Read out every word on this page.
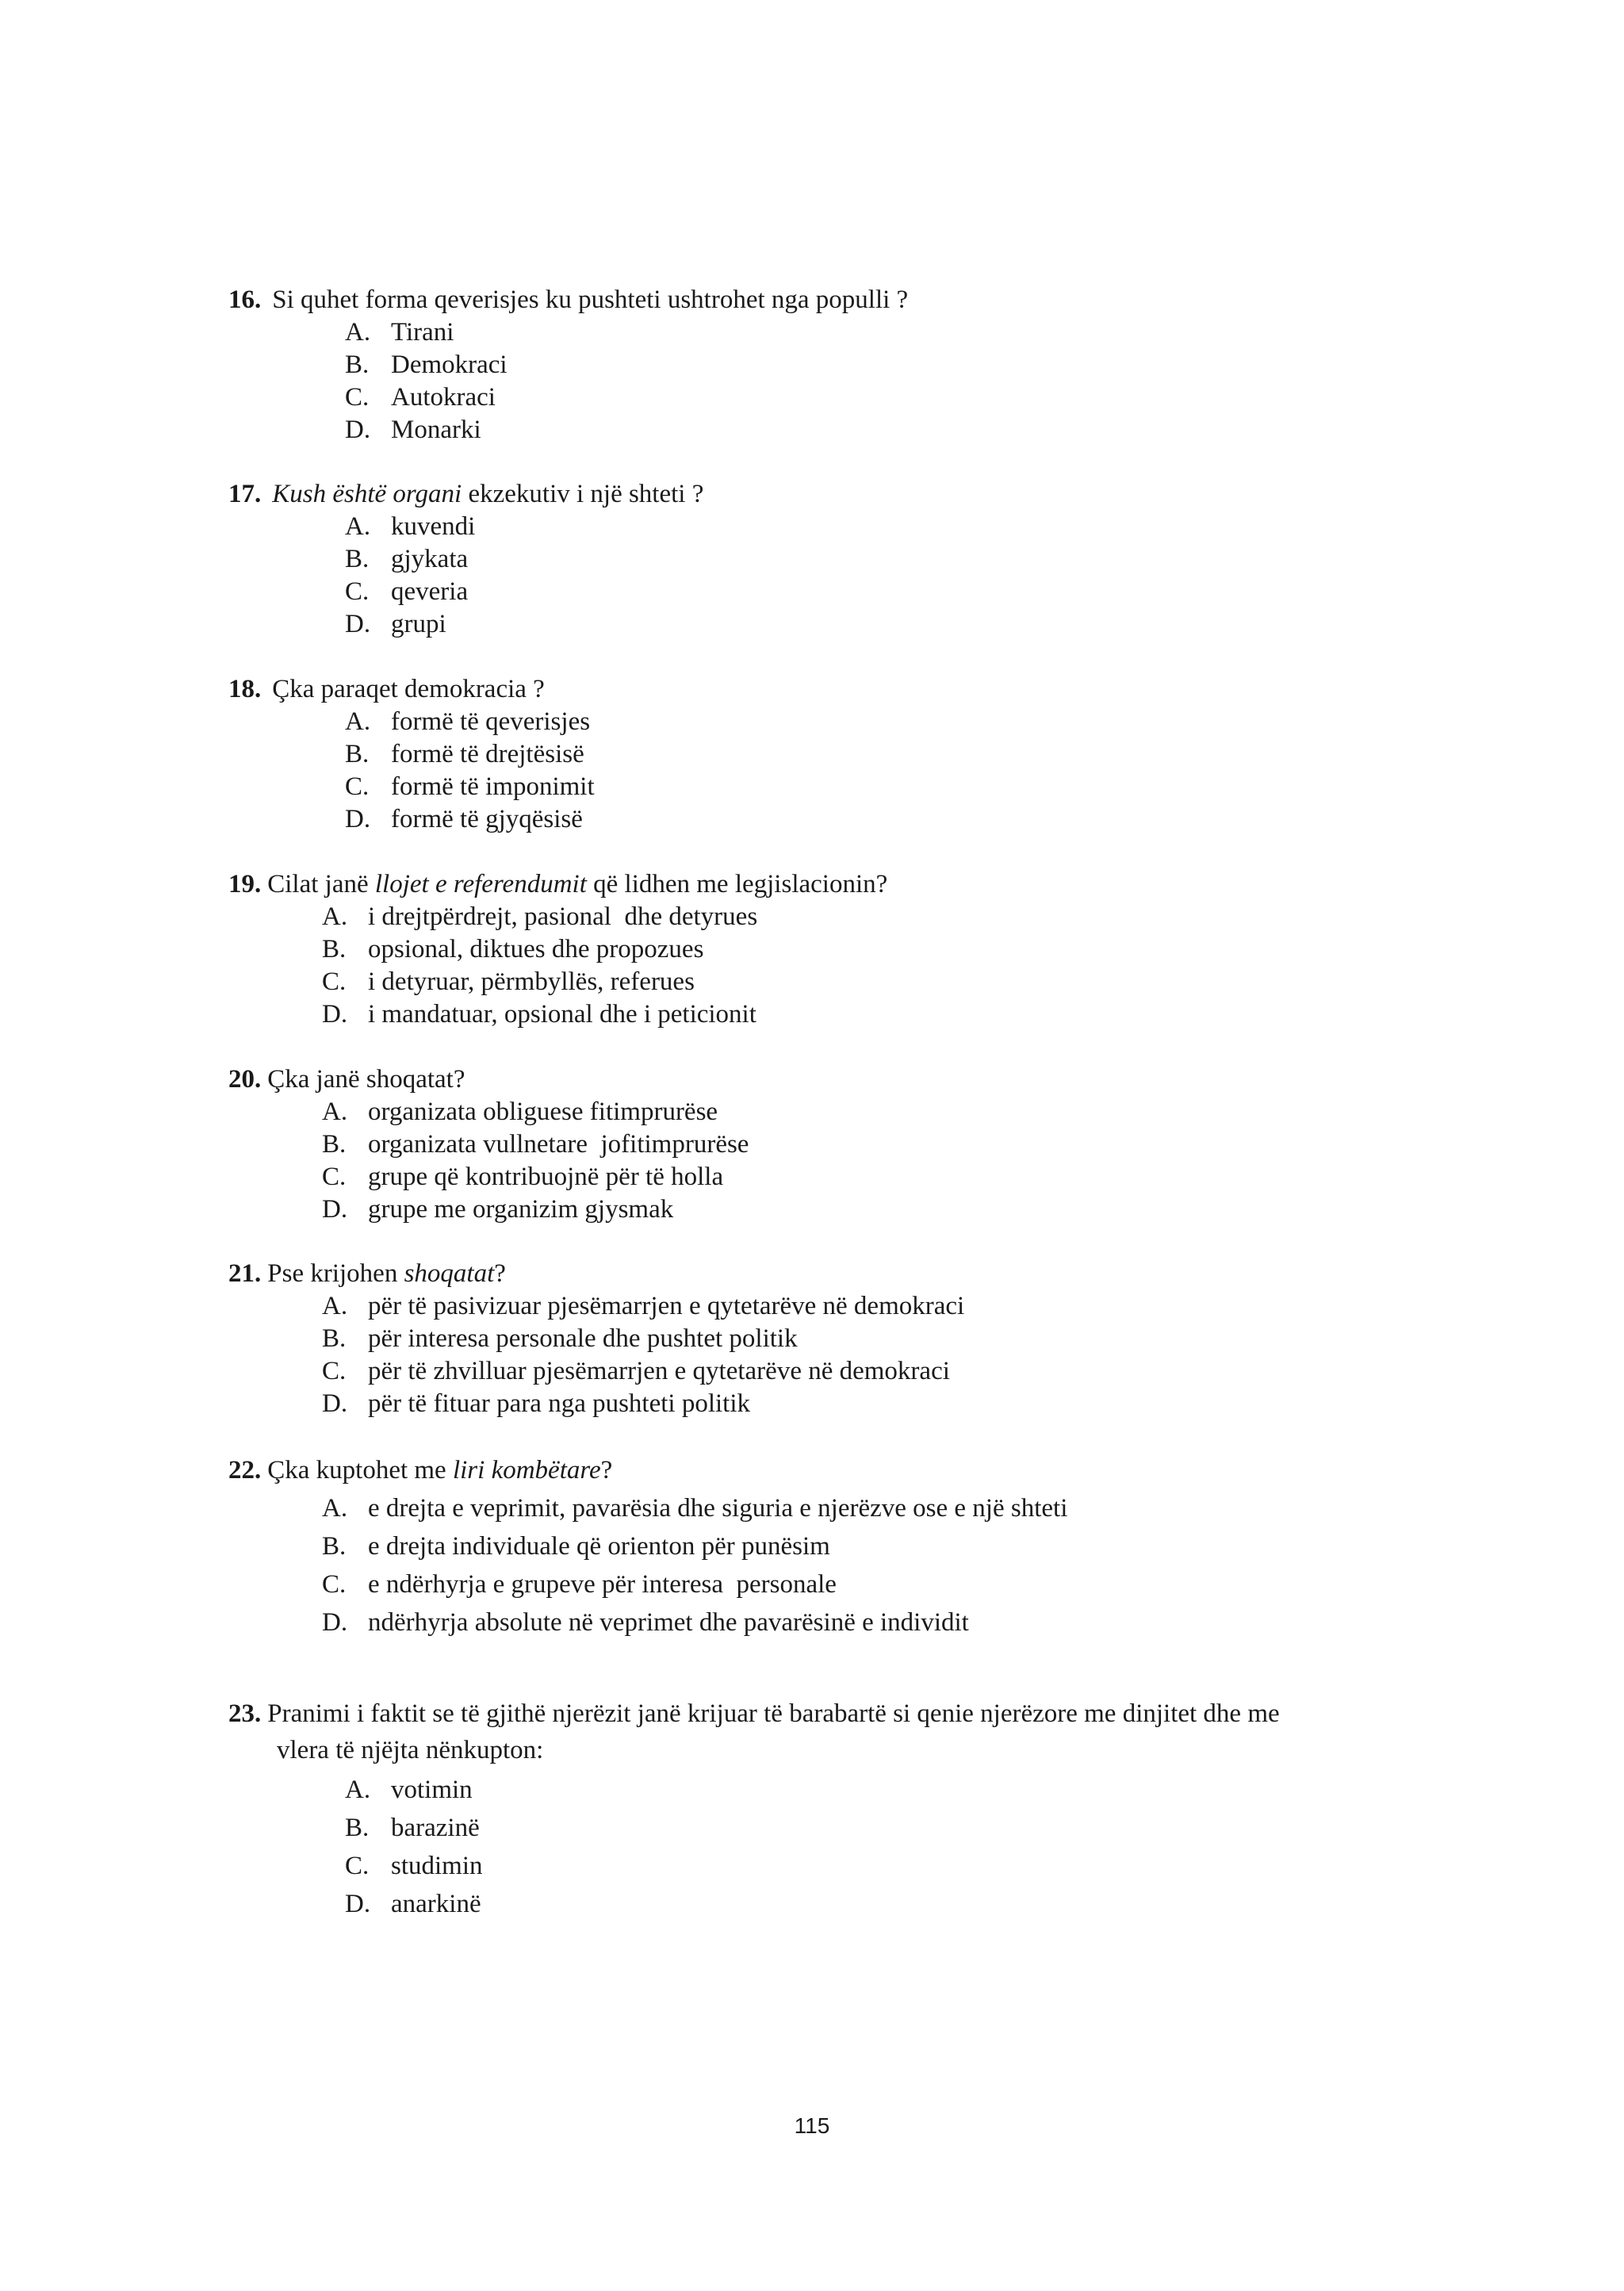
16. Si quhet forma qeverisjes ku pushteti ushtrohet nga populli ?
A. Tirani
B. Demokraci
C. Autokraci
D. Monarki
17. Kush është organi ekzekutiv i një shteti ?
A. kuvendi
B. gjykata
C. qeveria
D. grupi
18. Çka paraqet demokracia ?
A. formë të qeverisjes
B. formë të drejtësisë
C. formë të imponimit
D. formë të gjyqësisë
19. Cilat janë llojet e referendumit që lidhen me legjislacionin?
A. i drejtpërdrejt, pasional  dhe detyrues
B. opsional, diktues dhe propozues
C. i detyruar, përmbyllës, referues
D. i mandatuar, opsional dhe i peticionit
20. Çka janë shoqatat?
A. organizata obliguese fitimprurëse
B. organizata vullnetare  jofitimprurëse
C. grupe që kontribuojnë për të holla
D. grupe me organizim gjysmak
21. Pse krijohen shoqatat?
A. për të pasivizuar pjesëmarrjen e qytetarëve në demokraci
B. për interesa personale dhe pushtet politik
C. për të zhvilluar pjesëmarrjen e qytetarëve në demokraci
D. për të fituar para nga pushteti politik
22. Çka kuptohet me liri kombëtare?
A. e drejta e veprimit, pavarësia dhe siguria e njerëzve ose e një shteti
B. e drejta individuale që orienton për punësim
C. e ndërhyrja e grupeve për interesa  personale
D. ndërhyrja absolute në veprimet dhe pavarësinë e individit
23. Pranimi i faktit se të gjithë njerëzit janë krijuar të barabartë si qenie njerëzore me dinjitet dhe me
vlera të njëjta nënkupton:
A. votimin
B. barazinë
C. studimin
D. anarkinë
115
